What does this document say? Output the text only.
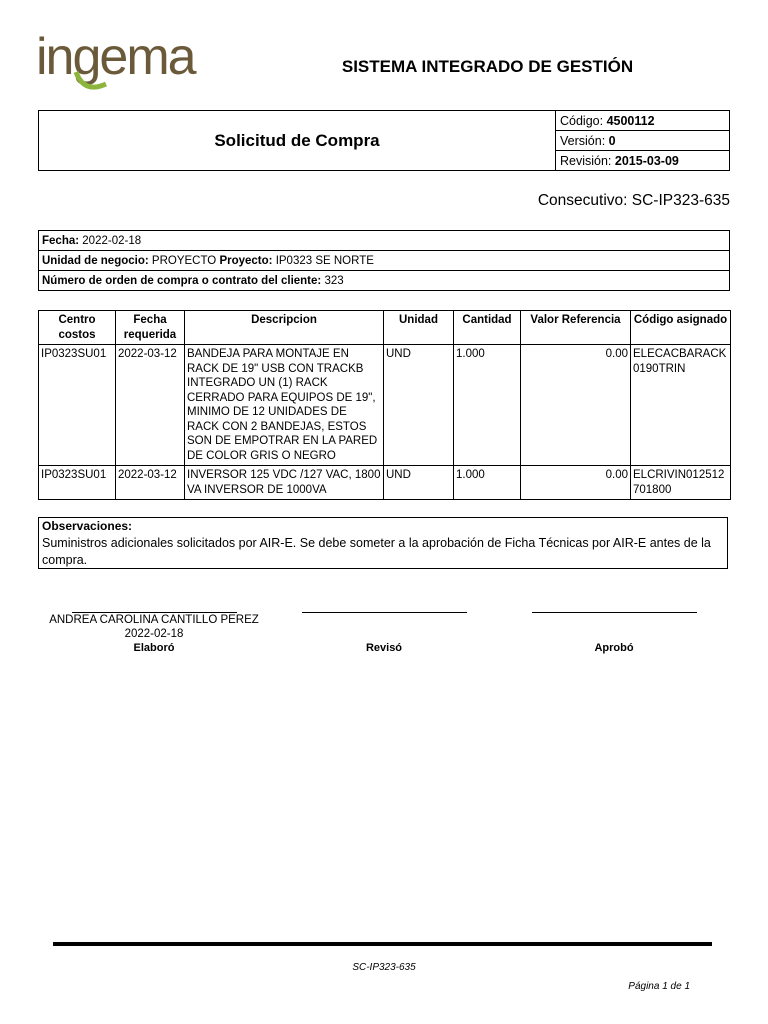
ingema	SISTEMA INTEGRADO DE GESTIÓN
Solicitud de Compra	Código: 4500112
Versión: 0
Revisión: 2015-03-09
Consecutivo: SC-IP323-635
Fecha: 2022-02-18
Unidad de negocio: PROYECTO Proyecto: IP0323 SE NORTE
Número de orden de compra o contrato del cliente: 323
Centro costos	Fecha requerida	Descripcion	Unidad	Cantidad	Valor Referencia	Código asignado
IP0323SU01	2022-03-12	BANDEJA PARA MONTAJE EN RACK DE 19" USB CON TRACKB INTEGRADO UN (1) RACK CERRADO PARA EQUIPOS DE 19", MINIMO DE 12 UNIDADES DE RACK CON 2 BANDEJAS, ESTOS SON DE EMPOTRAR EN LA PARED DE COLOR GRIS O NEGRO	UND	1.000	0.00	ELECACBARACK0190TRIN
IP0323SU01	2022-03-12	INVERSOR 125 VDC /127 VAC, 1800 VA INVERSOR DE 1000VA	UND	1.000	0.00	ELCRIVIN012512701800
Observaciones:
Suministros adicionales solicitados por AIR-E. Se debe someter a la aprobación de Ficha Técnicas por AIR-E antes de la compra.
ANDREA CAROLINA CANTILLO PEREZ
2022-02-18
Elaboró	Revisó	Aprobó
SC-IP323-635
Página 1 de 1
